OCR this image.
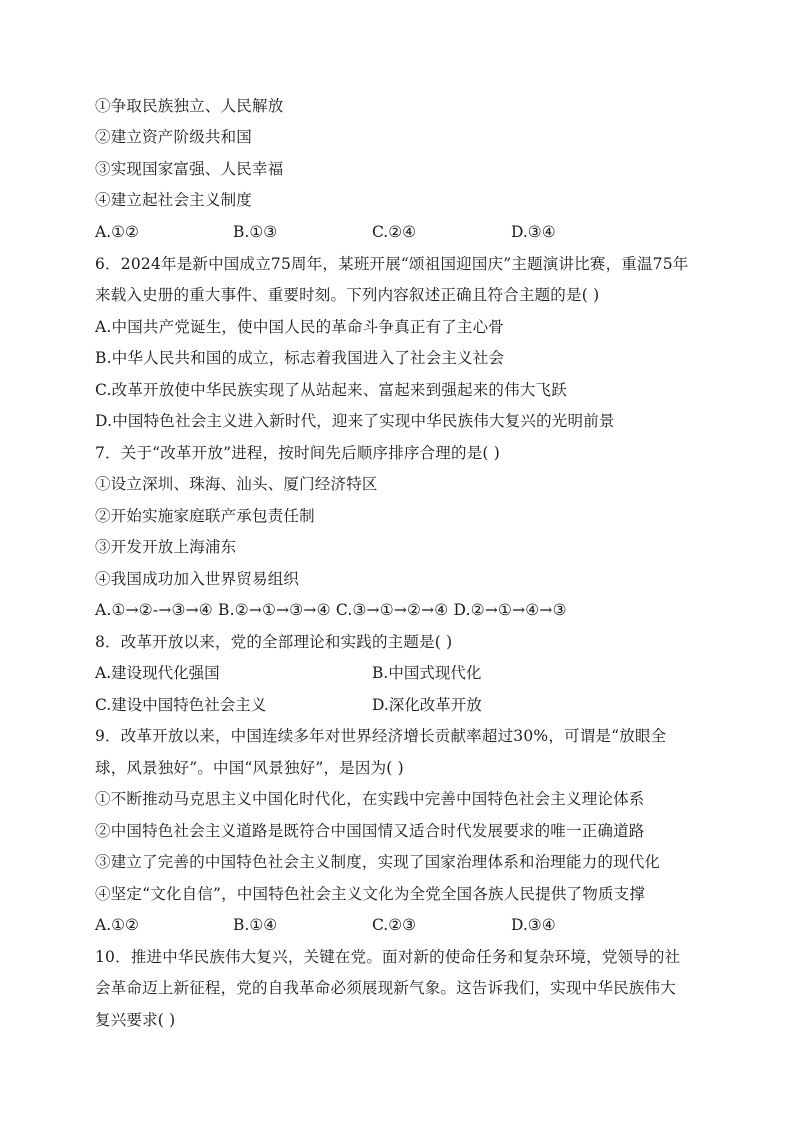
①争取民族独立、人民解放
②建立资产阶级共和国
③实现国家富强、人民幸福
④建立起社会主义制度
A.①②	B.①③	C.②④	D.③④
6．2024年是新中国成立75周年，某班开展“颂祖国迎国庆”主题演讲比赛，重温75年
来载入史册的重大事件、重要时刻。下列内容叙述正确且符合主题的是( )
A.中国共产党诞生，使中国人民的革命斗争真正有了主心骨
B.中华人民共和国的成立，标志着我国进入了社会主义社会
C.改革开放使中华民族实现了从站起来、富起来到强起来的伟大飞跃
D.中国特色社会主义进入新时代，迎来了实现中华民族伟大复兴的光明前景
7．关于“改革开放”进程，按时间先后顺序排序合理的是( )
①设立深圳、珠海、汕头、厦门经济特区
②开始实施家庭联产承包责任制
③开发开放上海浦东
④我国成功加入世界贸易组织
A.①→②-→③→④ B.②→①→③→④ C.③→①→②→④ D.②→①→④→③
8．改革开放以来，党的全部理论和实践的主题是( )
A.建设现代化强国	B.中国式现代化
C.建设中国特色社会主义	D.深化改革开放
9．改革开放以来，中国连续多年对世界经济增长贡献率超过30%，可谓是“放眼全
球，风景独好”。中国“风景独好”，是因为( )
①不断推动马克思主义中国化时代化，在实践中完善中国特色社会主义理论体系
②中国特色社会主义道路是既符合中国国情又适合时代发展要求的唯一正确道路
③建立了完善的中国特色社会主义制度，实现了国家治理体系和治理能力的现代化
④坚定“文化自信”，中国特色社会主义文化为全党全国各族人民提供了物质支撑
A.①②	B.①④	C.②③	D.③④
10．推进中华民族伟大复兴，关键在党。面对新的使命任务和复杂环境，党领导的社
会革命迈上新征程，党的自我革命必须展现新气象。这告诉我们，实现中华民族伟大
复兴要求( )
